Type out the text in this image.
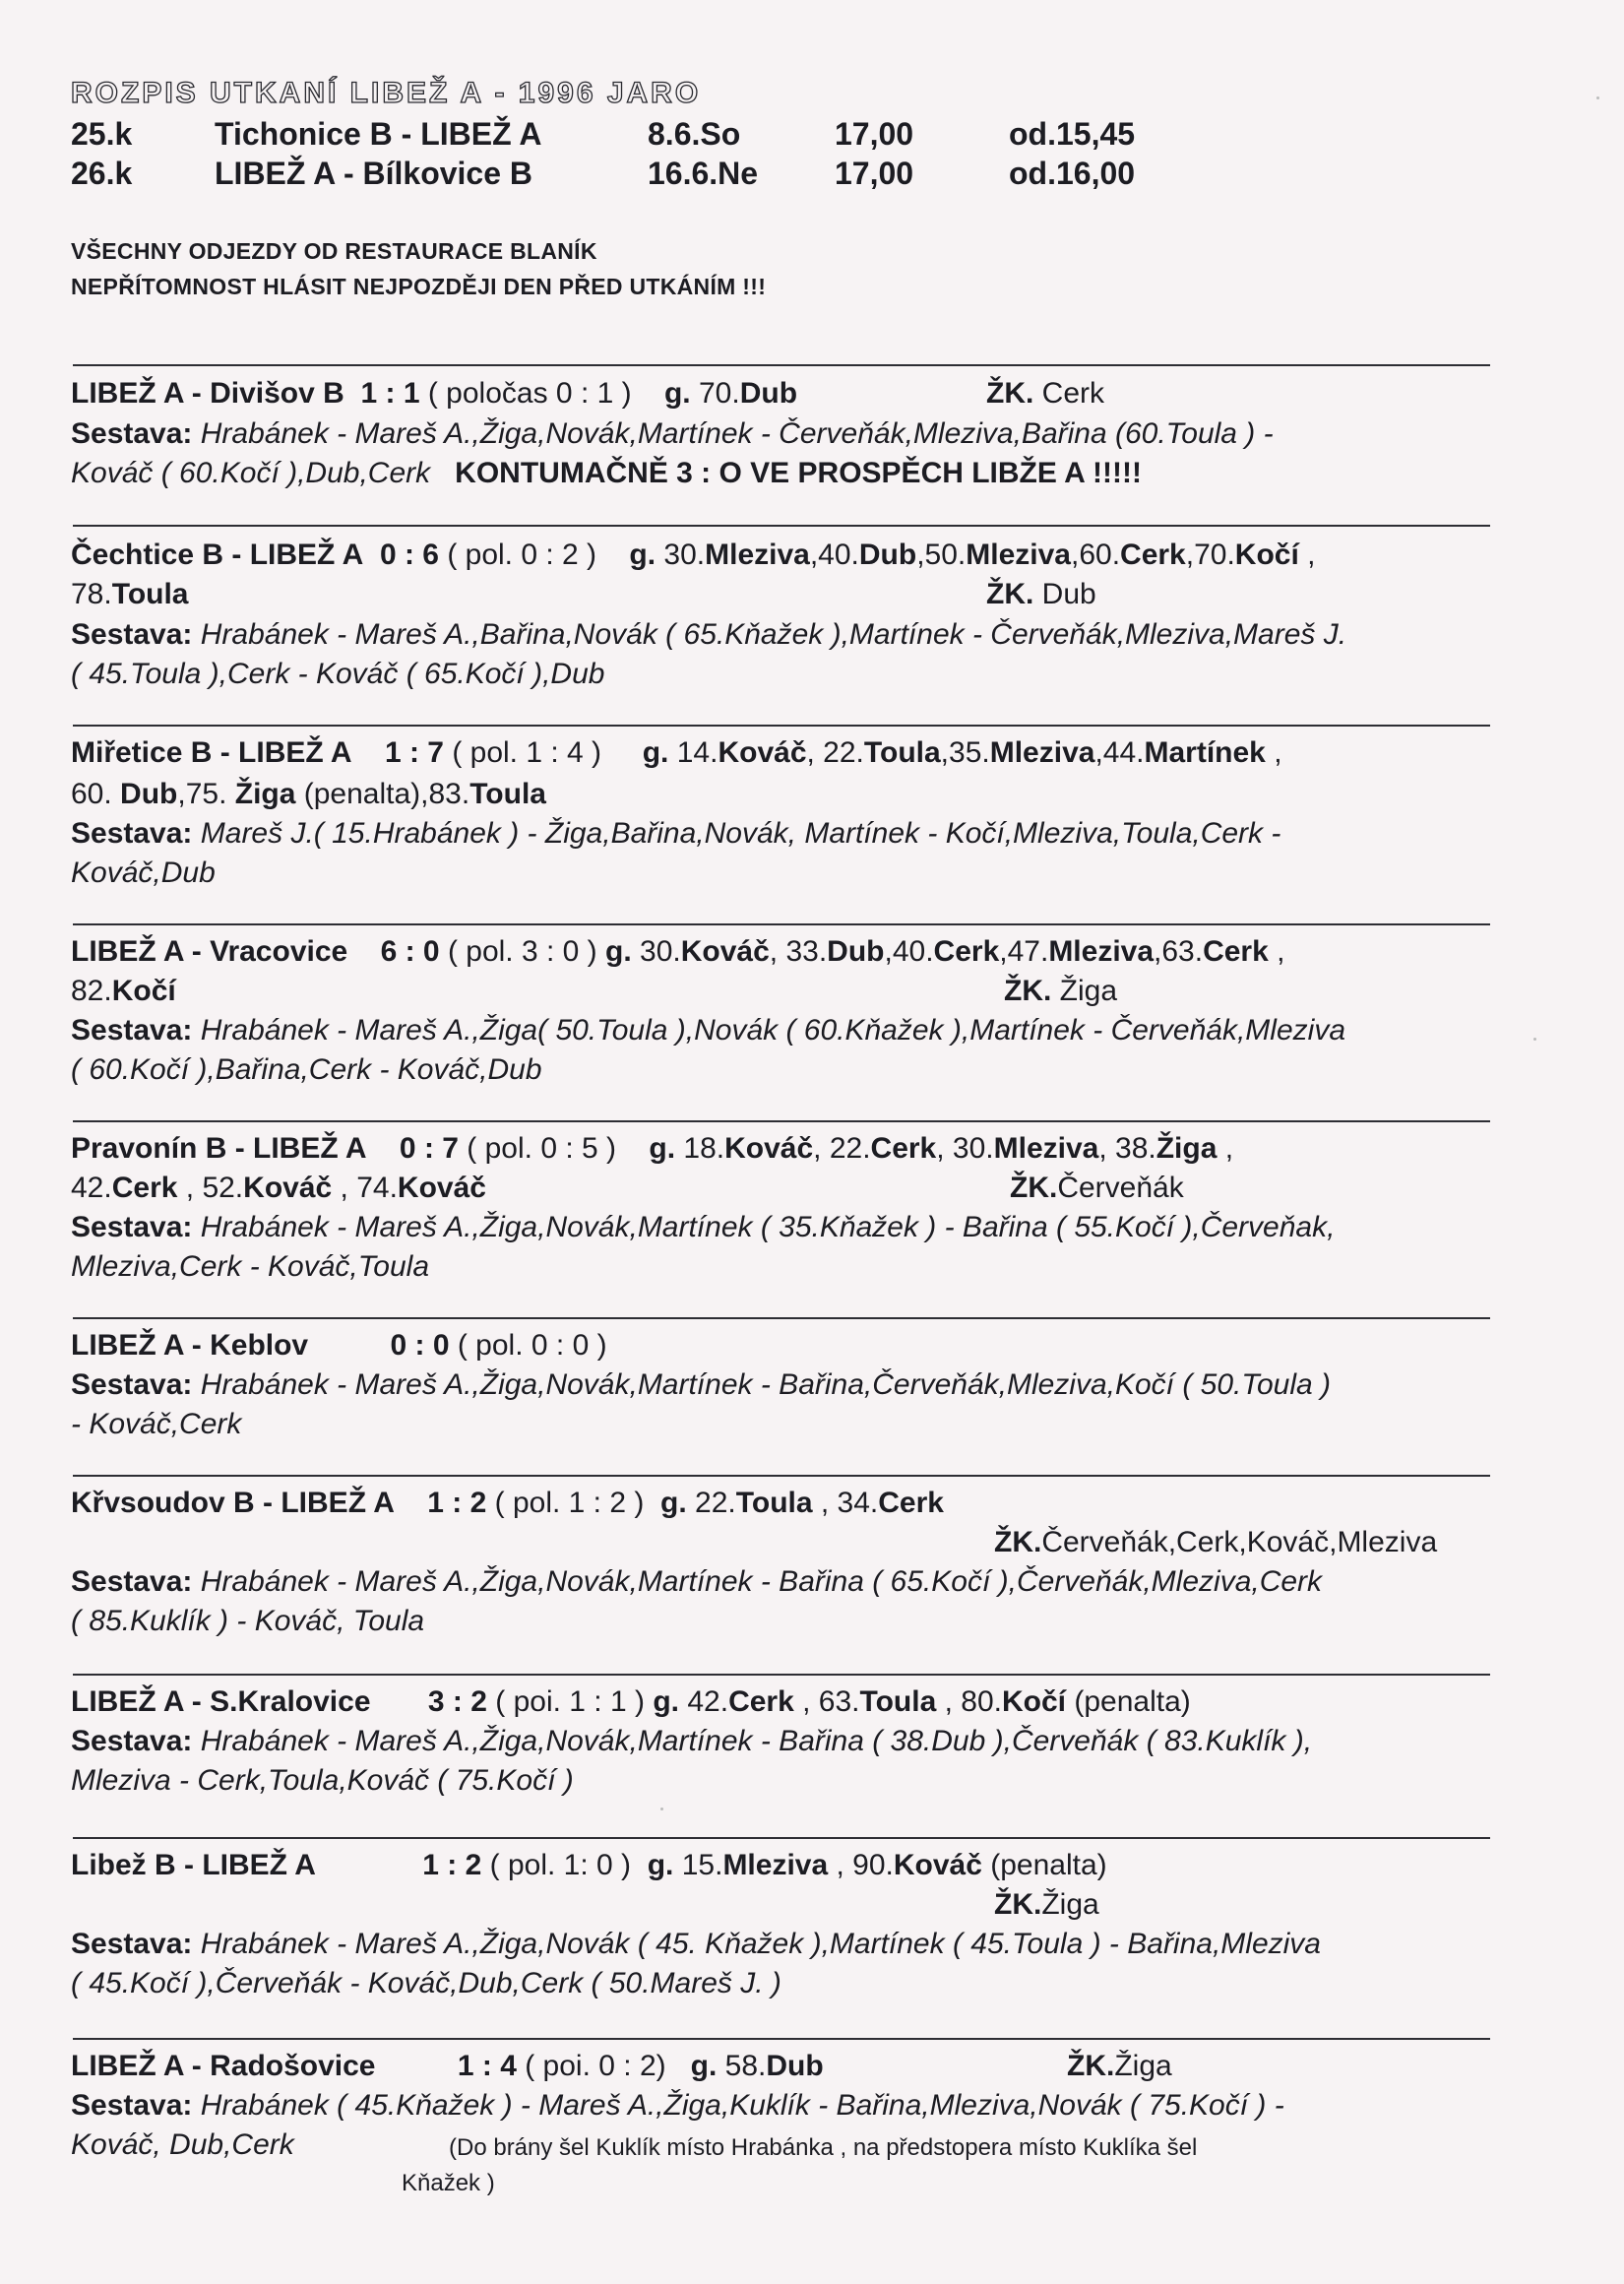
ROZPIS UTKANÍ LIBEŽ A - 1996 JARO
25.k	Tichonice B - LIBEŽ A	8.6.So	17,00	od.15,45
26.k	LIBEŽ A - Bílkovice B	16.6.Ne 17,00	od.16,00
VŠECHNY ODJEZDY OD RESTAURACE BLANÍK
NEPŘÍTOMNOST HLÁSIT NEJPOZDĚJI DEN PŘED UTKÁNÍM !!!
LIBEŽ A - Divišov B 1 : 1 ( poločas 0 : 1 ) g. 70.Dub	ŽK. Cerk
Sestava: Hrabánek - Mareš A.,Žiga,Novák,Martínek - Červeňák,Mleziva,Bařina (60.Toula ) -
Kováč ( 60.Kočí ),Dub,Cerk KONTUMAČNĚ 3 : O VE PROSPĚCH LIBŽE A !!!!!
Čechtice B - LIBEŽ A 0 : 6 ( pol. 0 : 2 ) g. 30.Mleziva,40.Dub,50.Mleziva,60.Cerk,70.Kočí ,
78.Toula	ŽK. Dub
Sestava: Hrabánek - Mareš A.,Bařina,Novák ( 65.Kňažek ),Martínek - Červeňák,Mleziva,Mareš J.
( 45.Toula ),Cerk - Kováč ( 65.Kočí ),Dub
Miřetice B - LIBEŽ A 1 : 7 ( pol. 1 : 4 ) g. 14.Kováč, 22.Toula,35.Mleziva,44.Martínek ,
60. Dub,75. Žiga (penalta),83.Toula
Sestava: Mareš J.( 15.Hrabánek ) - Žiga,Bařina,Novák, Martínek - Kočí,Mleziva,Toula,Cerk -
Kováč,Dub
LIBEŽ A - Vracovice 6 : 0 ( pol. 3 : 0 ) g. 30.Kováč, 33.Dub,40.Cerk,47.Mleziva,63.Cerk ,
82.Kočí	ŽK. Žiga
Sestava: Hrabánek - Mareš A.,Žiga( 50.Toula ),Novák ( 60.Kňažek ),Martínek - Červeňák,Mleziva
( 60.Kočí ),Bařina,Cerk - Kováč,Dub
Pravonín B - LIBEŽ A 0 : 7 ( pol. 0 : 5 ) g. 18.Kováč, 22.Cerk, 30.Mleziva, 38.Žiga ,
42.Cerk , 52.Kováč , 74.Kováč	ŽK.Červeňák
Sestava: Hrabánek - Mareš A.,Žiga,Novák,Martínek ( 35.Kňažek ) - Bařina ( 55.Kočí ),Červeňak,
Mleziva,Cerk - Kováč,Toula
LIBEŽ A - Keblov	0 : 0 ( pol. 0 : 0 )
Sestava: Hrabánek - Mareš A.,Žiga,Novák,Martínek - Bařina,Červeňák,Mleziva,Kočí ( 50.Toula )
- Kováč,Cerk
Křvsoudov B - LIBEŽ A 1 : 2 ( pol. 1 : 2 ) g. 22.Toula , 34.Cerk
ŽK.Červeňák,Cerk,Kováč,Mleziva
Sestava: Hrabánek - Mareš A.,Žiga,Novák,Martínek - Bařina ( 65.Kočí ),Červeňák,Mleziva,Cerk
( 85.Kuklík ) - Kováč, Toula
LIBEŽ A - S.Kralovice 3 : 2 ( poi. 1 : 1 ) g. 42.Cerk , 63.Toula , 80.Kočí (penalta)
Sestava: Hrabánek - Mareš A.,Žiga,Novák,Martínek - Bařina ( 38.Dub ),Červeňák ( 83.Kuklík ),
Mleziva - Cerk,Toula,Kováč ( 75.Kočí )
Libež B - LIBEŽ A	1 : 2 ( pol. 1: 0 ) g. 15.Mleziva , 90.Kováč (penalta)
ŽK.Žiga
Sestava: Hrabánek - Mareš A.,Žiga,Novák ( 45. Kňažek ),Martínek ( 45.Toula ) - Bařina,Mleziva
( 45.Kočí ),Červeňák - Kováč,Dub,Cerk ( 50.Mareš J. )
LIBEŽ A - Radošovice	1 : 4 ( poi. 0 : 2) g. 58.Dub	ŽK.Žiga
Sestava: Hrabánek ( 45.Kňažek ) - Mareš A.,Žiga,Kuklík - Bařina,Mleziva,Novák ( 75.Kočí ) -
Kováč, Dub,Cerk	(Do brány šel Kuklík místo Hrabánka , na předstopera místo Kuklíka šel
Kňažek )
